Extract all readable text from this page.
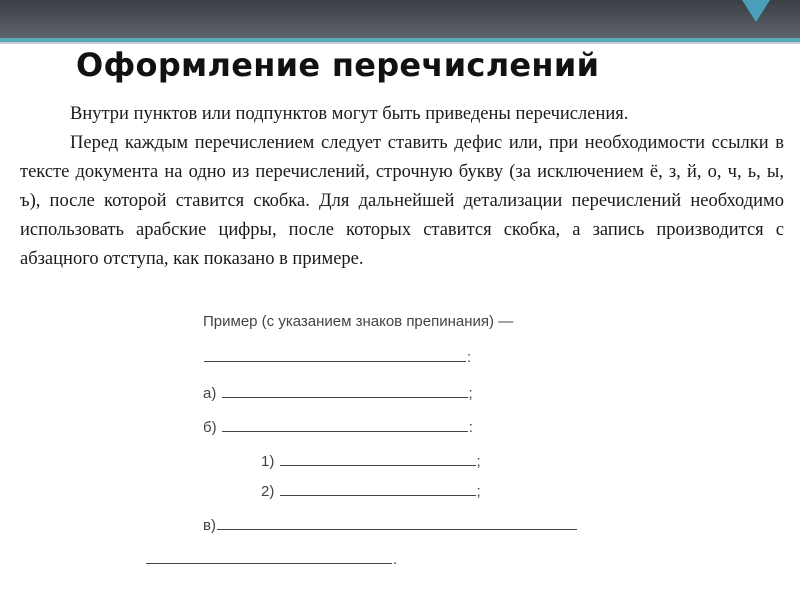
Оформление перечислений

Внутри пунктов или подпунктов могут быть приведены перечисления.

Перед каждым перечислением следует ставить дефис или, при необходимости ссылки в тексте документа на одно из перечислений, строчную букву (за исключением ё, з, й, о, ч, ь, ы, ъ), после которой ставится скобка. Для дальнейшей детализации перечислений необходимо использовать арабские цифры, после которых ставится скобка, а запись производится с абзацного отступа, как показано в примере.

Пример (с указанием знаков препинания) —
:
а)	;
б)	:
1)	;
2)	;
в)
.
